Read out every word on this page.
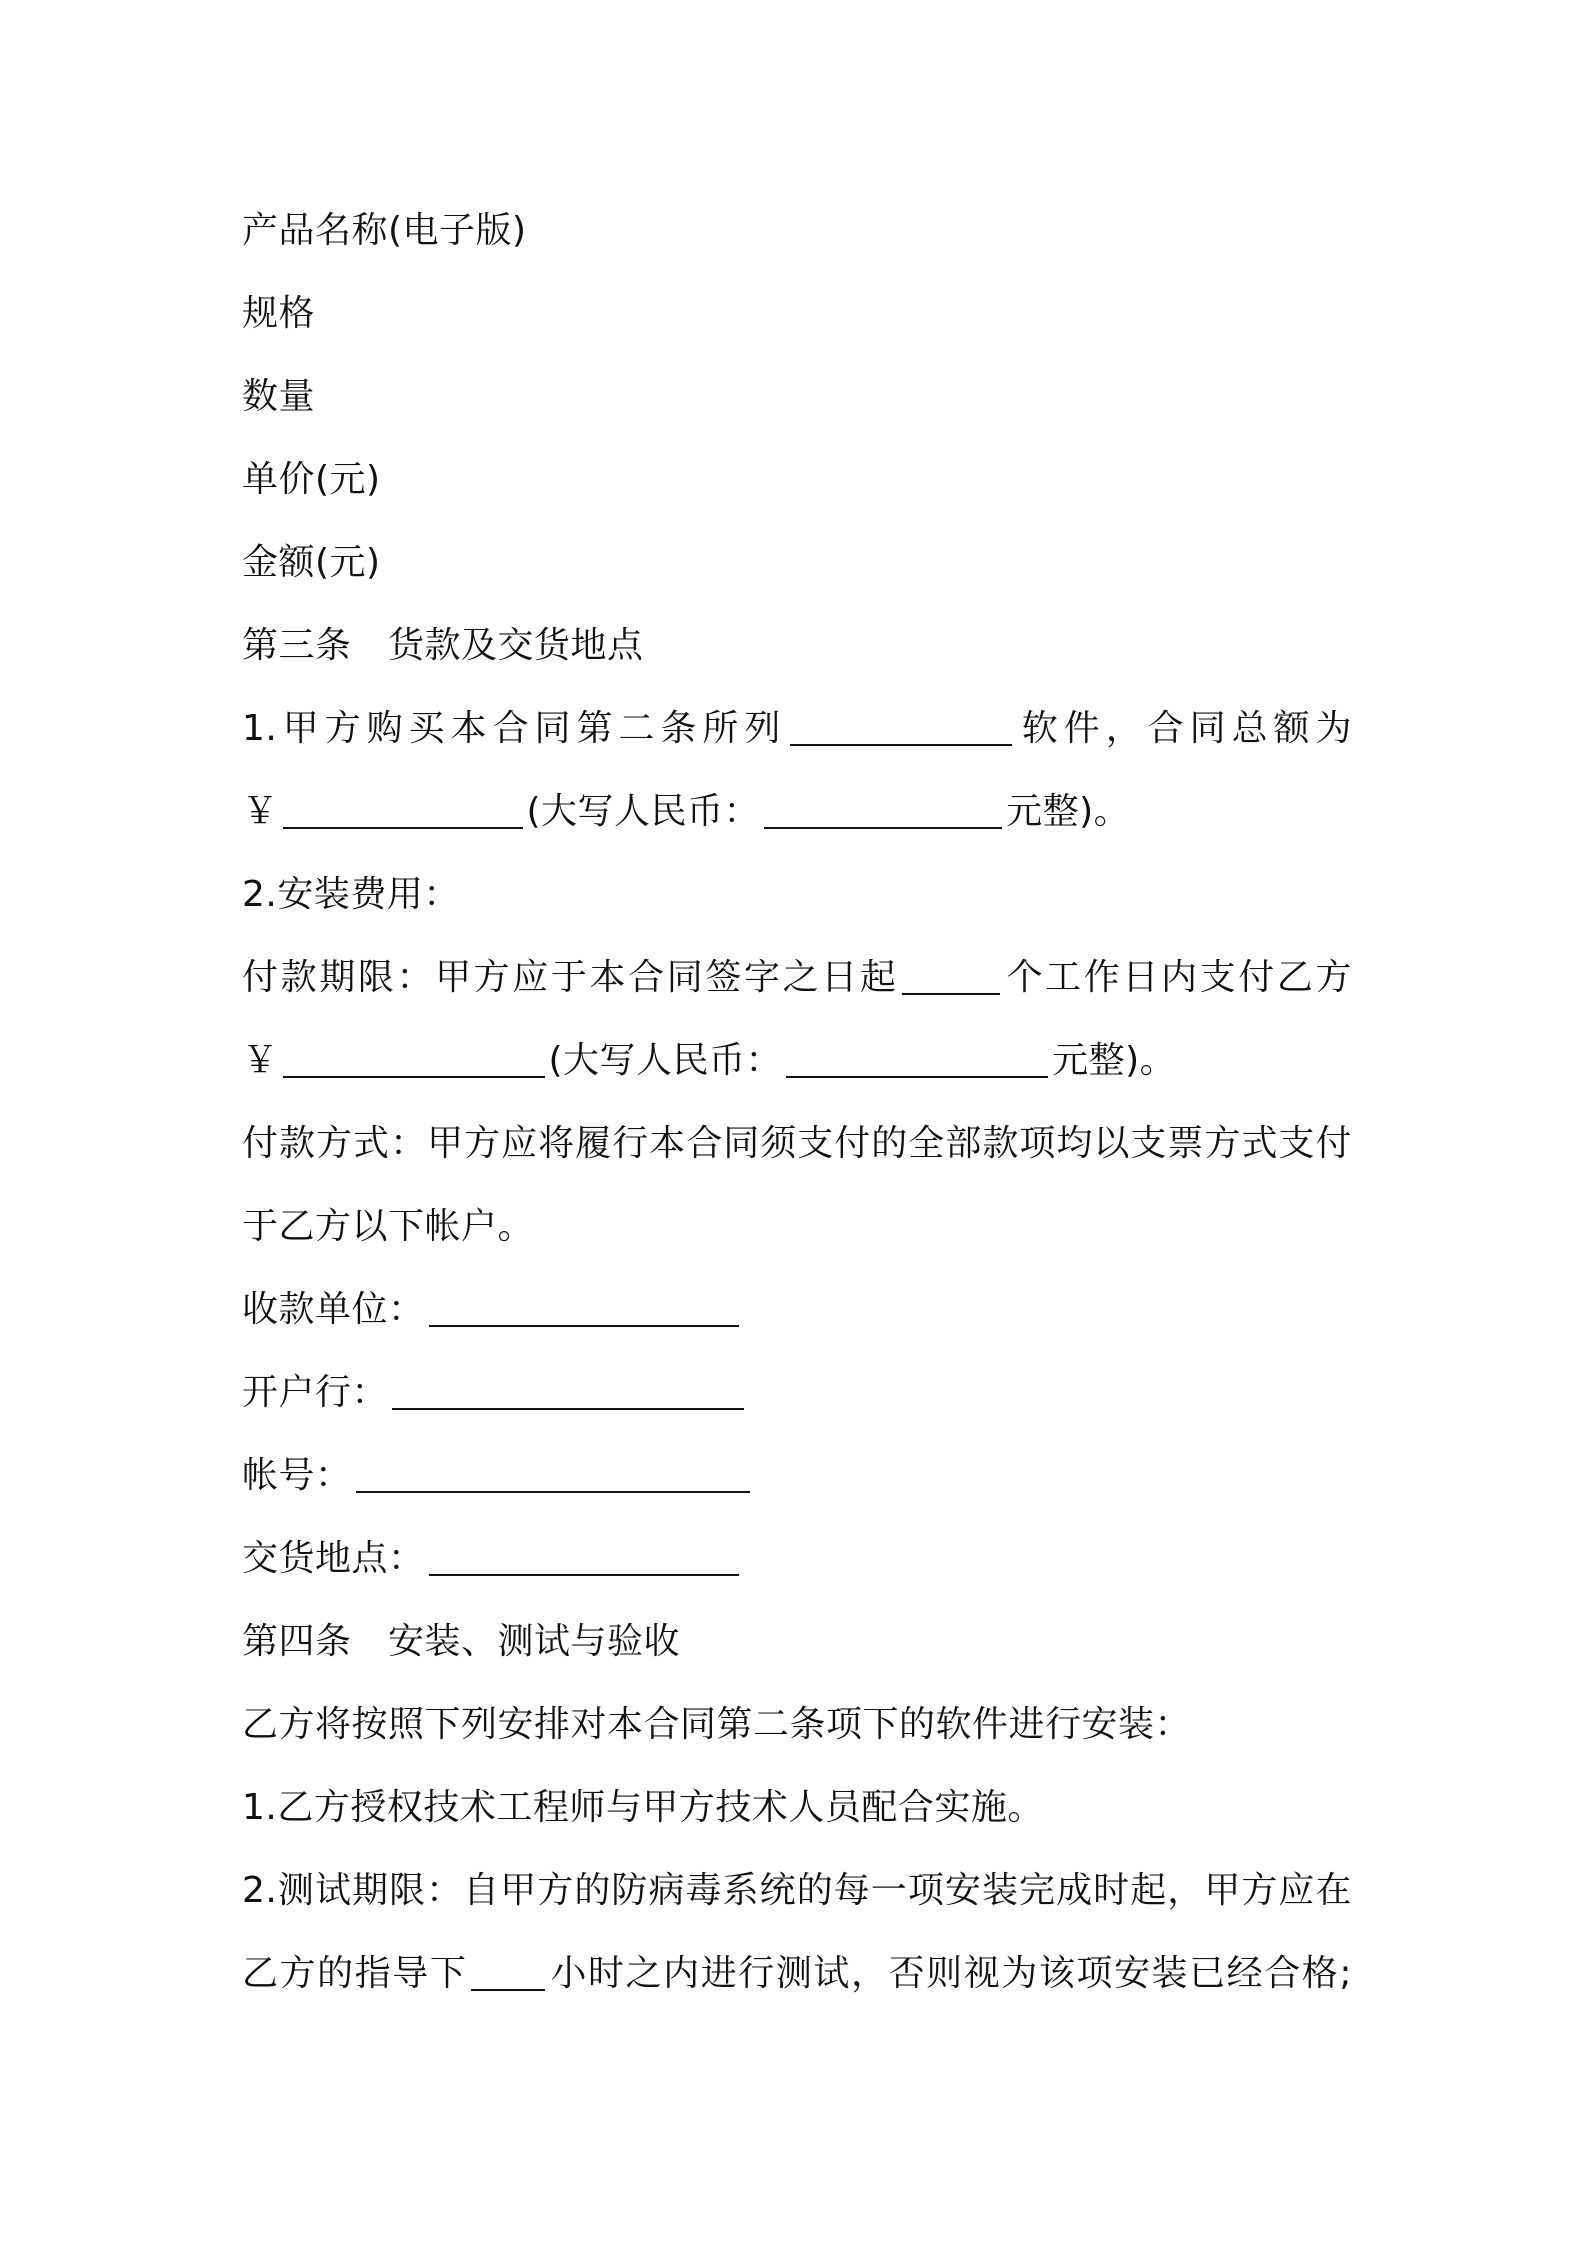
产品名称(电子版)
规格
数量
单价(元)
金额(元)
第三条　货款及交货地点
1.甲方购买本合同第二条所列	软件，合同总额为
￥	(大写人民币：	元整)。
2.安装费用：
付款期限：甲方应于本合同签字之日起	个工作日内支付乙方
￥	(大写人民币：	元整)。
付款方式：甲方应将履行本合同须支付的全部款项均以支票方式支付
于乙方以下帐户。
收款单位：
开户行：
帐号：
交货地点：
第四条　安装、测试与验收
乙方将按照下列安排对本合同第二条项下的软件进行安装：
1.乙方授权技术工程师与甲方技术人员配合实施。
2.测试期限：自甲方的防病毒系统的每一项安装完成时起，甲方应在
乙方的指导下 小时之内进行测试，否则视为该项安装已经合格;
